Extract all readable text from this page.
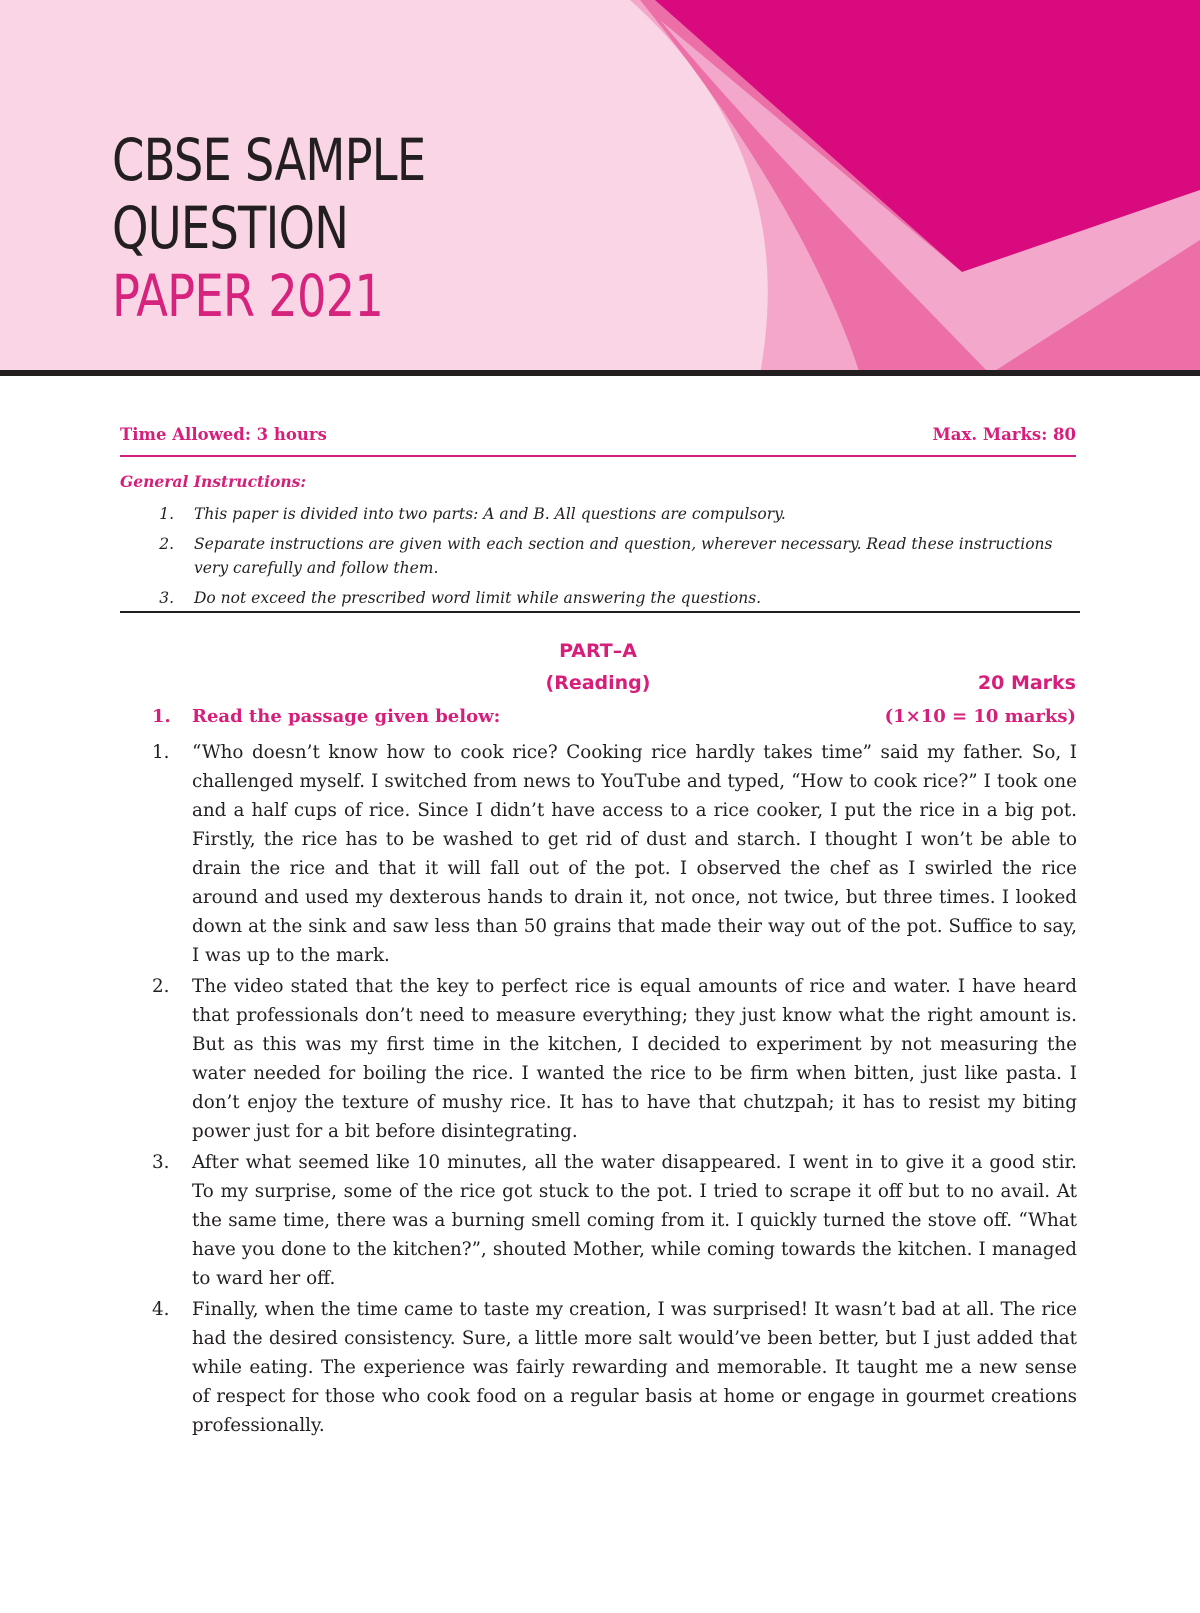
CBSE SAMPLE
QUESTION
PAPER 2021
Time Allowed: 3 hours	Max. Marks: 80
General Instructions:
1.	This paper is divided into two parts: A and B. All questions are compulsory.
2.	Separate instructions are given with each section and question, wherever necessary. Read these instructions very carefully and follow them.
3.	Do not exceed the prescribed word limit while answering the questions.
PART–A
(Reading)	20 Marks
1. Read the passage given below:	(1×10 = 10 marks)
1.	“Who doesn’t know how to cook rice? Cooking rice hardly takes time” said my father. So, I challenged myself. I switched from news to YouTube and typed, “How to cook rice?” I took one and a half cups of rice. Since I didn’t have access to a rice cooker, I put the rice in a big pot. Firstly, the rice has to be washed to get rid of dust and starch. I thought I won’t be able to drain the rice and that it will fall out of the pot. I observed the chef as I swirled the rice around and used my dexterous hands to drain it, not once, not twice, but three times. I looked down at the sink and saw less than 50 grains that made their way out of the pot. Suffice to say, I was up to the mark.
2.	The video stated that the key to perfect rice is equal amounts of rice and water. I have heard that professionals don’t need to measure everything; they just know what the right amount is. But as this was my first time in the kitchen, I decided to experiment by not measuring the water needed for boiling the rice. I wanted the rice to be firm when bitten, just like pasta. I don’t enjoy the texture of mushy rice. It has to have that chutzpah; it has to resist my biting power just for a bit before disintegrating.
3.	After what seemed like 10 minutes, all the water disappeared. I went in to give it a good stir. To my surprise, some of the rice got stuck to the pot. I tried to scrape it off but to no avail. At the same time, there was a burning smell coming from it. I quickly turned the stove off. “What have you done to the kitchen?”, shouted Mother, while coming towards the kitchen. I managed to ward her off.
4.	Finally, when the time came to taste my creation, I was surprised! It wasn’t bad at all. The rice had the desired consistency. Sure, a little more salt would’ve been better, but I just added that while eating. The experience was fairly rewarding and memorable. It taught me a new sense of respect for those who cook food on a regular basis at home or engage in gourmet creations professionally.
